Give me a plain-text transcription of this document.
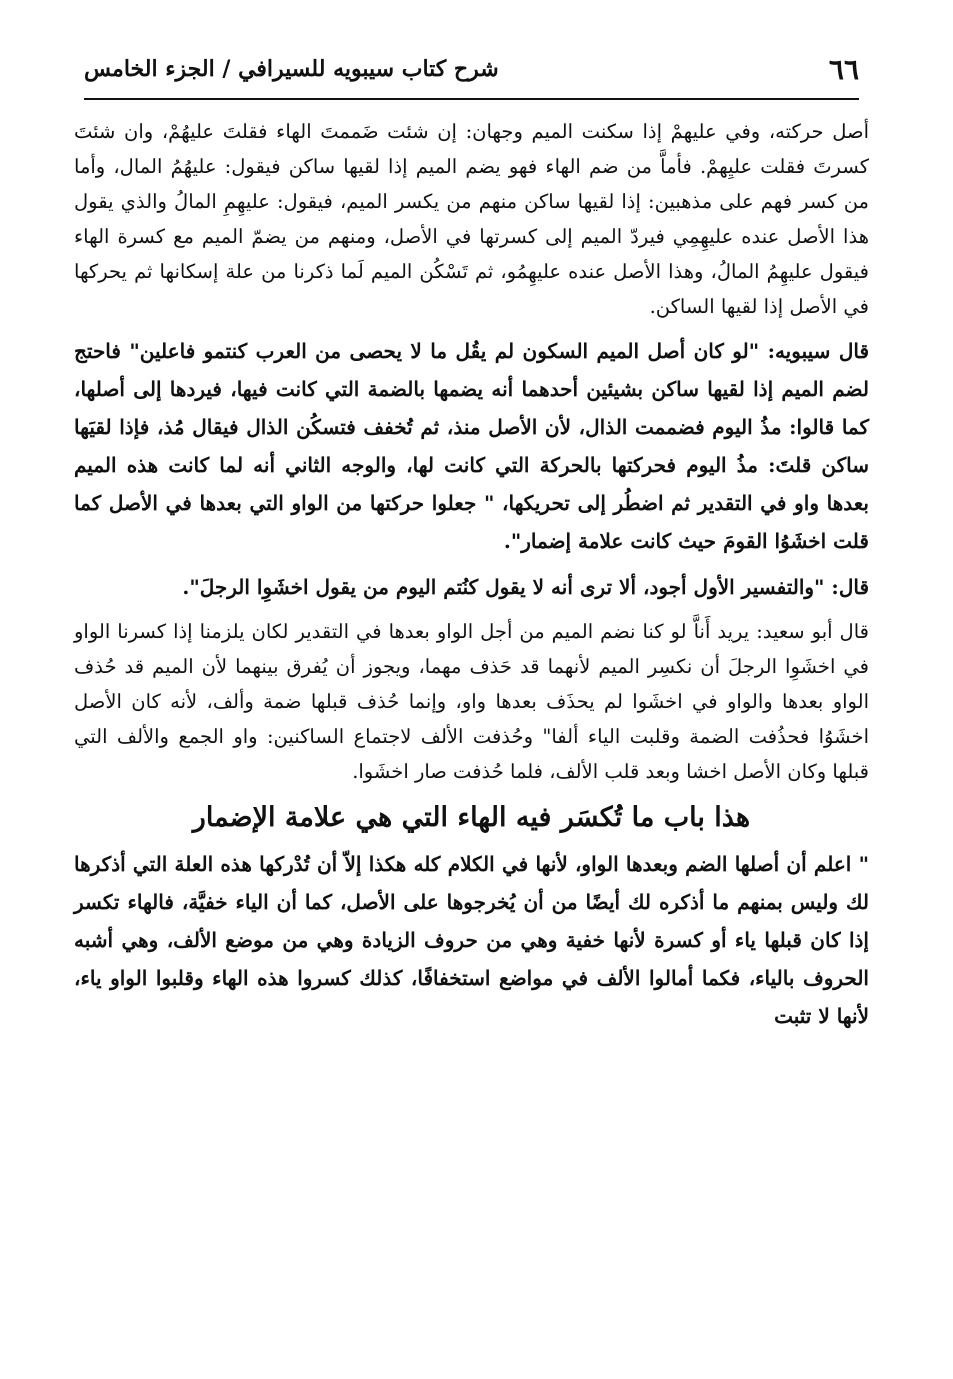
٦٦
شرح كتاب سيبويه للسيرافي / الجزء الخامس

أصل حركته، وفي عليهمْ إذا سكنت الميم وجهان: إن شئت ضَممتَ الهاء فقلتَ عليهُمْ، وان شئتَ كسرتَ فقلت عليِهمْ. فأماَّ من ضم الهاء فهو يضم الميم إذا لقيها ساكن فيقول: عليهُمُ المال، وأما من كسر فهم على مذهبين: إذا لقيها ساكن منهم من يكسر الميم، فيقول: عليهِمِ المالُ والذي يقول هذا الأصل عنده عليهِمِي فيردّ الميم إلى كسرتها في الأصل، ومنهم من يضمّ الميم مع كسرة الهاء فيقول عليهِمُ المالُ، وهذا الأصل عنده عليهِمُو، ثم تَسْكُن الميم لَما ذكرنا من علة إسكانها ثم يحركها في الأصل إذا لقيها الساكن.

قال سيبويه: "لو كان أصل الميم السكون لم يقُل ما لا يحصى من العرب كنتمو فاعلين" فاحتج لضم الميم إذا لقيها ساكن بشيئين أحدهما أنه يضمها بالضمة التي كانت فيها، فيردها إلى أصلها، كما قالوا: مذُ اليوم فضممت الذال، لأن الأصل منذ، ثم تُخفف فتسكُن الذال فيقال مُذ، فإذا لقيَها ساكن قلتَ: مذُ اليوم فحركتها بالحركة التي كانت لها، والوجه الثاني أنه لما كانت هذه الميم بعدها واو في التقدير ثم اضطُر إلى تحريكها، " جعلوا حركتها من الواو التي بعدها في الأصل كما قلت اخشَوُا القومَ حيث كانت علامة إضمار".

قال: "والتفسير الأول أجود، ألا ترى أنه لا يقول كنُتم اليوم من يقول اخشَوِا الرجلَ".

قال أبو سعيد: يريد أَناَّ لو كنا نضم الميم من أجل الواو بعدها في التقدير لكان يلزمنا إذا كسرنا الواو في اخشَوِا الرجلَ أن نكسِر الميم لأنهما قد حَذف مهما، ويجوز أن يُفرق بينهما لأن الميم قد حُذف الواو بعدها والواو في اخشَوا لم يحذَف بعدها واو، وإنما حُذف قبلها ضمة وألف، لأنه كان الأصل اخشَوُا فحذُفت الضمة وقلبت الياء ألفا" وحُذفت الألف لاجتماع الساكنين: واو الجمع والألف التي قبلها وكان الأصل اخشا وبعد قلب الألف، فلما حُذفت صار اخشَوا.

هذا باب ما تُكسَر فيه الهاء التي هي علامة الإضمار

" اعلم أن أصلها الضم وبعدها الواو، لأنها في الكلام كله هكذا إلاّ أن تُدْركها هذه العلة التي أذكرها لك وليس بمنهم ما أذكره لك أيضًا من أن يُخرجوها على الأصل، كما أن الياء خفيَّة، فالهاء تكسر إذا كان قبلها ياء أو كسرة لأنها خفية وهي من حروف الزيادة وهي من موضع الألف، وهي أشبه الحروف بالياء، فكما أمالوا الألف في مواضع استخفافًا، كذلك كسروا هذه الهاء وقلبوا الواو ياء، لأنها لا تثبت
